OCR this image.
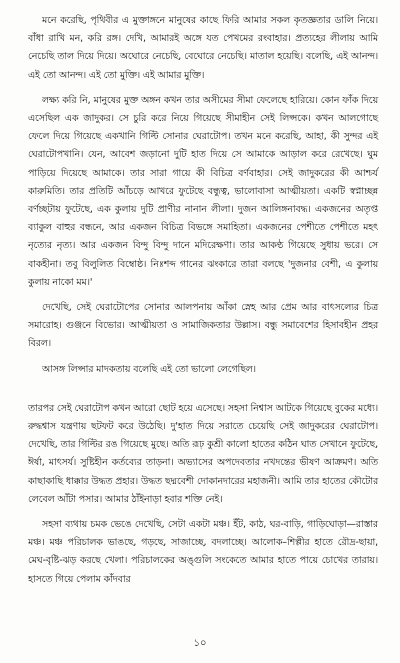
মনে করেছি, পৃথিবীর এ মুক্তাঙ্গনে মানুষের কাছে ফিরি আমার সকল কৃতজ্ঞতার ডালি নিয়ে। বাঁধা রাখি মন, করি রঙ্গ। দেখি, আমারই অঙ্গে যত পেখমের রংবাহার। প্রত্যহের লীলায় আমি নেচেছি তাল দিয়ে দিয়ে। অঘোরে নেচেছি, বেঘোরে নেচেছি। মাতাল হয়েছি। বলেছি, এই আনন্দ। এই তো আনন্দ। এই তো মুক্তি। এই আমার মুক্তি।

লক্ষ্য করি নি, মানুষের মুক্ত অঙ্গন কখন তার অসীমের সীমা ফেলেছে হারিয়ে। কোন ফাঁক দিয়ে এসেছিল এক জাদুকর। সে চুরি করে নিয়ে গিয়েছে সীমাহীন সেই লিপ্সকে। কখন আলগোছে ফেলে দিয়ে গিয়েছে একখানি গিল্টি সোনার ঘেরাটোপ। তখন মনে করেছি, আহা, কী সুন্দর এই ঘেরাটোপখানি। যেন, আবেশ জড়ানো দুটি হাত দিয়ে সে আমাকে আড়াল করে রেখেছে। ঘুম পাড়িয়ে দিয়েছে আমাকে। তার সারা গায়ে কী বিচিত্র বর্ণবাহার। সেই জাদুকরের কী আশ্চর্য কারুমিতি। তার প্রতিটি আঁচড়ে আখরে ফুটেছে বন্ধুত্ব, ভালোবাসা আত্মীয়তা। একটি স্বপ্নাচ্ছন্ন বর্ণচ্ছটায় ফুটেছে, এক কুলায় দুটি প্রাণীর নানান লীলা। দুজন আলিঙ্গনাবদ্ধ। একজনের অতৃপ্ত ব্যাকুল বাহুর বন্ধনে, আর একজন বিচিত্র বিভঙ্গে সমাহিতা। একজনের পেশীতে পেশীতে মহৎ নৃত্যের নৃত্য। আর একজন বিন্দু বিন্দু দানে মদিরেক্ষণা। তার আকণ্ঠ গিয়েছে সুধায় ভরে। সে বাকহীনা। তবু বিলুলিত বিম্বোষ্ঠ। নিঃশব্দ গানের ঝংকারে তারা বলছে 'দুজনার বেশী, এ কুলায় কুলায় নাকো মম।'

দেখেছি, সেই ঘেরাটোপের সোনার আলপনায় আঁকা স্নেহ আর প্রেম আর বাৎসল্যের চিত্র সমারোহ। গুঞ্জনে বিভোর। আত্মীয়তা ও সামাজিকতার উল্লাস। বন্ধু সমাবেশের হিসাবহীন প্রহর বিরল।

আসঙ্গ লিপ্সার মাদকতায় বলেছি এই তো ভালো লেগেছিল।

তারপর সেই ঘেরাটোপ কখন আরো ছোট হয়ে এসেছে। সহসা নিশ্বাস আটকে গিয়েছে বুকের মধ্যে। রুদ্ধশ্বাস যন্ত্রণায় ছটফট করে উঠেছি। দু'হাত দিয়ে সরাতে চেয়েছি সেই জাদুকরের ঘেরাটোপ। দেখেছি, তার গিল্টির রঙ গিয়েছে মুছে। অতি রূঢ় কুশ্রী কালো হাতের কঠিন ঘাত সেখানে ফুটেছে, ঈর্ষা, মাৎসর্য। সুষ্টিহীন কর্তব্যের তাড়না। অভ্যাসের অপদেবতার নখদন্তের ভীষণ আক্রমণ। অতি কাছাকাছি ধাক্কার উদ্ধত প্রহার। উদ্ধত ছদ্মবেশী দোকানদারের মহাজনী। আমি তার হাতের কৌটোর লেবেল আঁটা পসার। আমার ঠাঁইনাড়া হবার শক্তি নেই।

সহসা ব্যথায় চমক ভেঙে দেখেছি, সেটা একটা মঞ্চ। ইঁট, কাঠ, ঘর-বাড়ি, গাড়িঘোড়া—রাস্তার মঞ্চ। মঞ্চ পরিচালক ভাঙছে, গড়ছে, সাজাচ্ছে, বদলাচ্ছে। আলোক–শিল্পীর হাতে রৌদ্র-ছায়া, মেঘ-বৃষ্টি-ঝড় করছে খেলা। পরিচালকের অঙ্গুলি সংকেতে আমার হাতে পায়ে চোখের তারায়। হাসতে গিয়ে পেলাম কাঁদবার

১০
